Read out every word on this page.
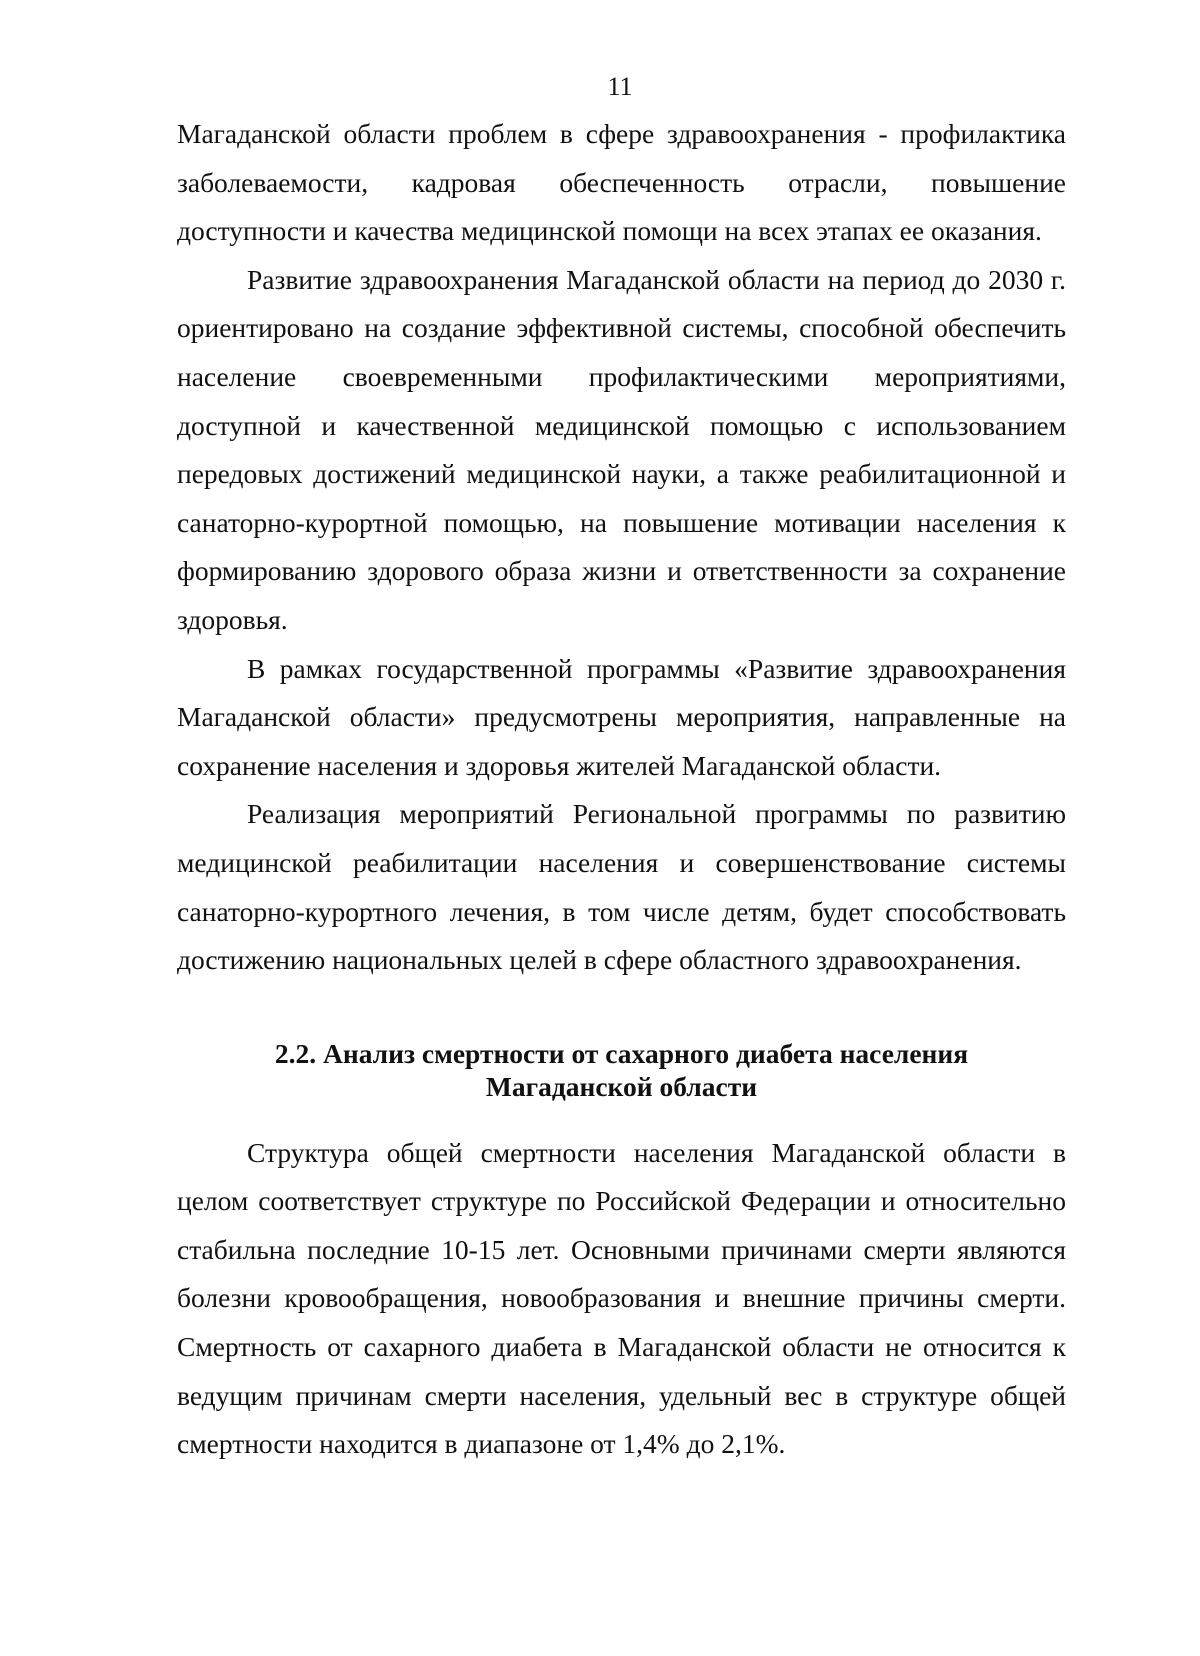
11

Магаданской области проблем в сфере здравоохранения - профилактика заболеваемости, кадровая обеспеченность отрасли, повышение доступности и качества медицинской помощи на всех этапах ее оказания.

Развитие здравоохранения Магаданской области на период до 2030 г. ориентировано на создание эффективной системы, способной обеспечить население своевременными профилактическими мероприятиями, доступной и качественной медицинской помощью с использованием передовых достижений медицинской науки, а также реабилитационной и санаторно-курортной помощью, на повышение мотивации населения к формированию здорового образа жизни и ответственности за сохранение здоровья.

В рамках государственной программы «Развитие здравоохранения Магаданской области» предусмотрены мероприятия, направленные на сохранение населения и здоровья жителей Магаданской области.

Реализация мероприятий Региональной программы по развитию медицинской реабилитации населения и совершенствование системы санаторно-курортного лечения, в том числе детям, будет способствовать достижению национальных целей в сфере областного здравоохранения.

2.2. Анализ смертности от сахарного диабета населения
Магаданской области

Структура общей смертности населения Магаданской области в целом соответствует структуре по Российской Федерации и относительно стабильна последние 10-15 лет. Основными причинами смерти являются болезни кровообращения, новообразования и внешние причины смерти. Смертность от сахарного диабета в Магаданской области не относится к ведущим причинам смерти населения, удельный вес в структуре общей смертности находится в диапазоне от 1,4% до 2,1%.
